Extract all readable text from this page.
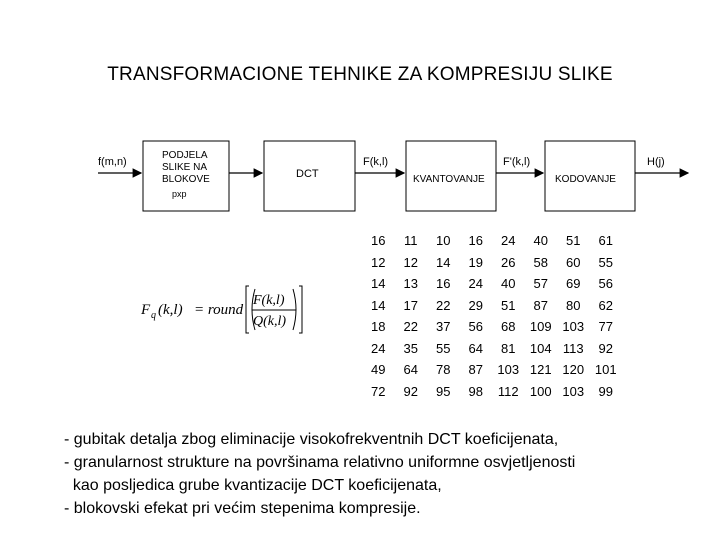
TRANSFORMACIONE TEHNIKE ZA KOMPRESIJU SLIKE
f(m,n)
PODJELA
SLIKE NA
BLOKOVE
pxp
DCT
F(k,l)
KVANTOVANJE
F'(k,l)
KODOVANJE
H(j)
F q (k,l) = round
F(k,l)
Q(k,l)
16	11	10	16	24	40	51	61
12	12	14	19	26	58	60	55
14	13	16	24	40	57	69	56
14	17	22	29	51	87	80	62
18	22	37	56	68	109 103	77
24	35	55	64	81	104 113	92
49	64	78	87	103 121 120 101
72	92	95	98	112 100 103	99
- gubitak detalja zbog eliminacije visokofrekventnih DCT koeficijenata,
- granularnost strukture na površinama relativno uniformne osvjetljenosti
kao posljedica grube kvantizacije DCT koeficijenata,
- blokovski efekat pri većim stepenima kompresije.
